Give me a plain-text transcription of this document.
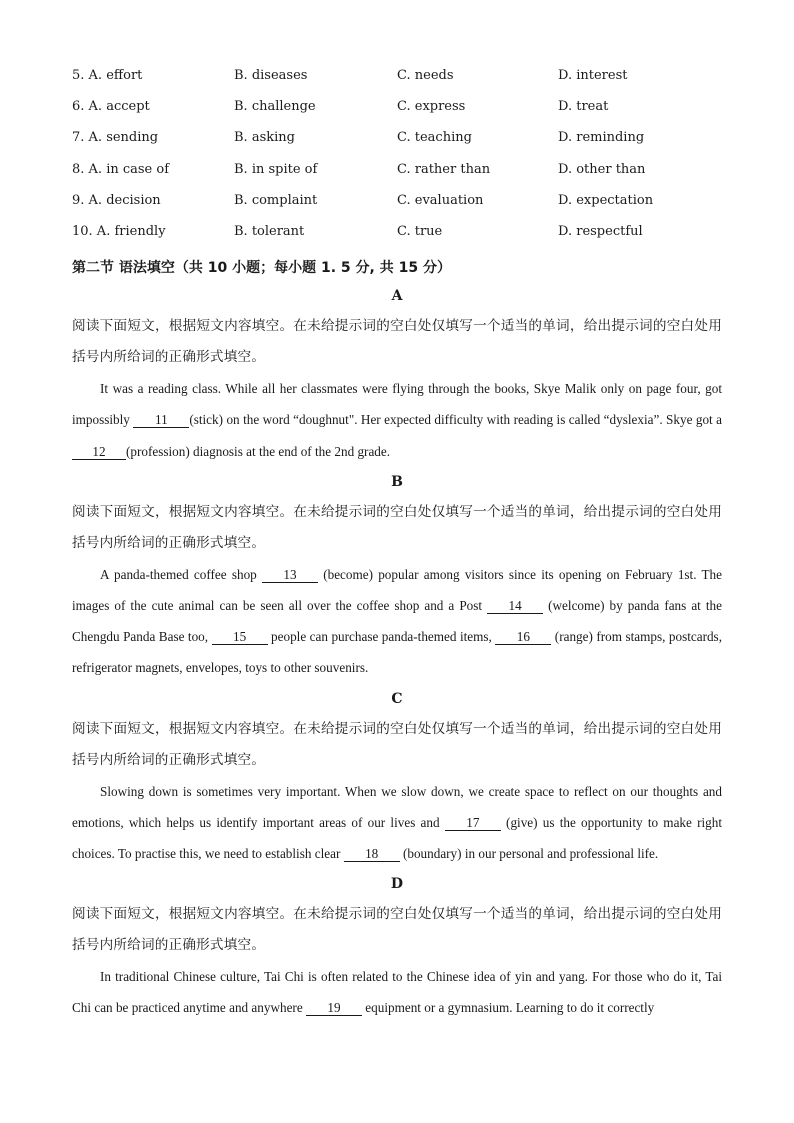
5. A. effort	B. diseases	C. needs	D. interest
6. A. accept	B. challenge	C. express	D. treat
7. A. sending	B. asking	C. teaching	D. reminding
8. A. in case of	B. in spite of	C. rather than	D. other than
9. A. decision	B. complaint	C. evaluation	D. expectation
10. A. friendly	B. tolerant	C. true	D. respectful
第二节 语法填空（共 10 小题；每小题 1. 5 分, 共 15 分）
A
阅读下面短文，根据短文内容填空。在未给提示词的空白处仅填写一个适当的单词，给出提示词的空白处用括号内所给词的正确形式填空。
It was a reading class. While all her classmates were flying through the books, Skye Malik only on page four, got impossibly 11 (stick) on the word “doughnut". Her expected difficulty with reading is called “dyslexia”. Skye got a 12 (profession) diagnosis at the end of the 2nd grade.
B
阅读下面短文，根据短文内容填空。在未给提示词的空白处仅填写一个适当的单词，给出提示词的空白处用括号内所给词的正确形式填空。
A panda-themed coffee shop 13 (become) popular among visitors since its opening on February 1st. The images of the cute animal can be seen all over the coffee shop and a Post 14 (welcome) by panda fans at the Chengdu Panda Base too, 15 people can purchase panda-themed items, 16 (range) from stamps, postcards, refrigerator magnets, envelopes, toys to other souvenirs.
C
阅读下面短文，根据短文内容填空。在未给提示词的空白处仅填写一个适当的单词，给出提示词的空白处用括号内所给词的正确形式填空。
Slowing down is sometimes very important. When we slow down, we create space to reflect on our thoughts and emotions, which helps us identify important areas of our lives and 17 (give) us the opportunity to make right choices. To practise this, we need to establish clear 18 (boundary) in our personal and professional life.
D
阅读下面短文，根据短文内容填空。在未给提示词的空白处仅填写一个适当的单词，给出提示词的空白处用括号内所给词的正确形式填空。
In traditional Chinese culture, Tai Chi is often related to the Chinese idea of yin and yang. For those who do it, Tai Chi can be practiced anytime and anywhere 19 equipment or a gymnasium. Learning to do it correctly
